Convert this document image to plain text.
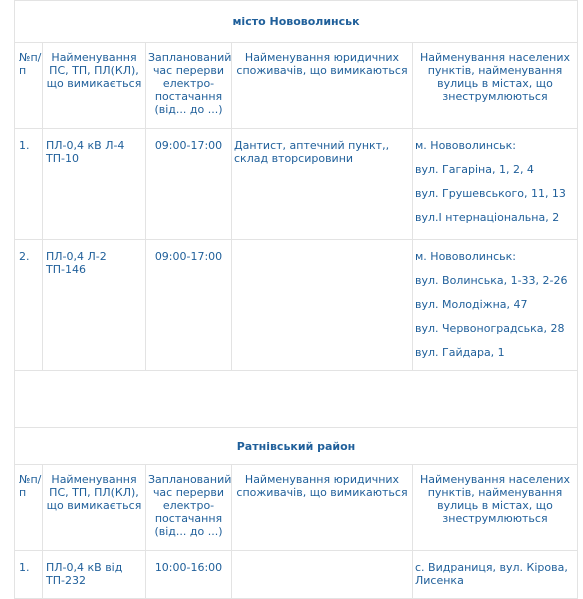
місто Нововолинськ				
№п/п	Найменування ПС, ТП, ПЛ(КЛ), що вимикається	Запланований час перерви електро-постачання (від... до ...)	Найменування юридичних споживачів, що вимикаються	Найменування населених пунктів, найменування вулиць в містах, що знеструмлюються
1.	ПЛ-0,4 кВ Л-4 ТП-10	09:00-17:00	Дантист, аптечний пункт,, склад вторсировини	м. Нововолинськ:
вул. Гагаріна, 1, 2, 4
вул. Грушевського, 11, 13
вул.І нтернаціональна, 2

2.	ПЛ-0,4 Л-2 ТП-146	09:00-17:00		м. Нововолинськ:
вул. Волинська, 1-33, 2-26
вул. Молодіжна, 47
вул. Червоноградська, 28
вул. Гайдара, 1

Ратнівський район				
№п/п	Найменування ПС, ТП, ПЛ(КЛ), що вимикається	Запланований час перерви електро-постачання (від... до ...)	Найменування юридичних споживачів, що вимикаються	Найменування населених пунктів, найменування вулиць в містах, що знеструмлюються
1.	ПЛ-0,4 кВ від ТП-232	10:00-16:00		с. Видраниця, вул. Кірова, Лисенка
